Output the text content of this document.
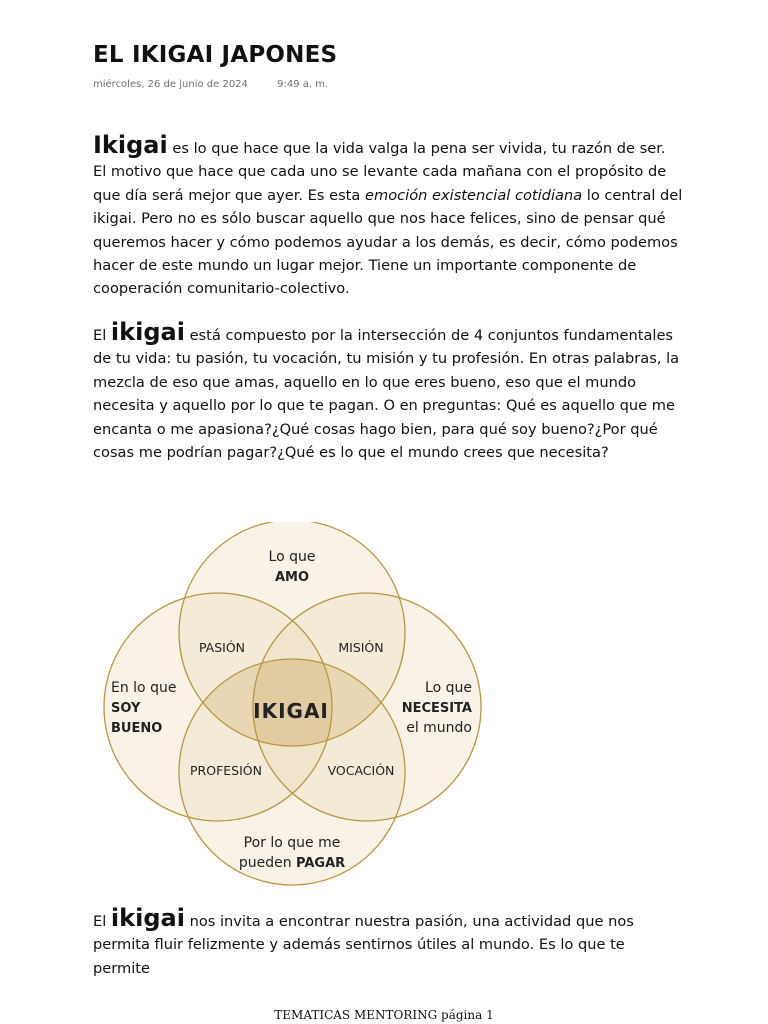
EL IKIGAI JAPONES
miércoles, 26 de junio de 2024	9:49 a. m.

Ikigai es lo que hace que la vida valga la pena ser vivida, tu razón de ser. El motivo que hace que cada uno se levante cada mañana con el propósito de que día será mejor que ayer. Es esta emoción existencial cotidiana lo central del ikigai. Pero no es sólo buscar aquello que nos hace felices, sino de pensar qué queremos hacer y cómo podemos ayudar a los demás, es decir, cómo podemos hacer de este mundo un lugar mejor. Tiene un importante componente de cooperación comunitario-colectivo.

El ikigai está compuesto por la intersección de 4 conjuntos fundamentales de tu vida: tu pasión, tu vocación, tu misión y tu profesión. En otras palabras, la mezcla de eso que amas, aquello en lo que eres bueno, eso que el mundo necesita y aquello por lo que te pagan. O en preguntas: Qué es aquello que me encanta o me apasiona?¿Qué cosas hago bien, para qué soy bueno?¿Por qué cosas me podrían pagar?¿Qué es lo que el mundo crees que necesita?

Lo que
AMO
En lo que
SOY
BUENO
Lo que
NECESITA
el mundo
Por lo que me
pueden PAGAR
PASIÓN	MISIÓN
PROFESIÓN	VOCACIÓN
IKIGAI

El ikigai nos invita a encontrar nuestra pasión, una actividad que nos permita fluir felizmente y además sentirnos útiles al mundo. Es lo que te permite

TEMATICAS MENTORING página 1
